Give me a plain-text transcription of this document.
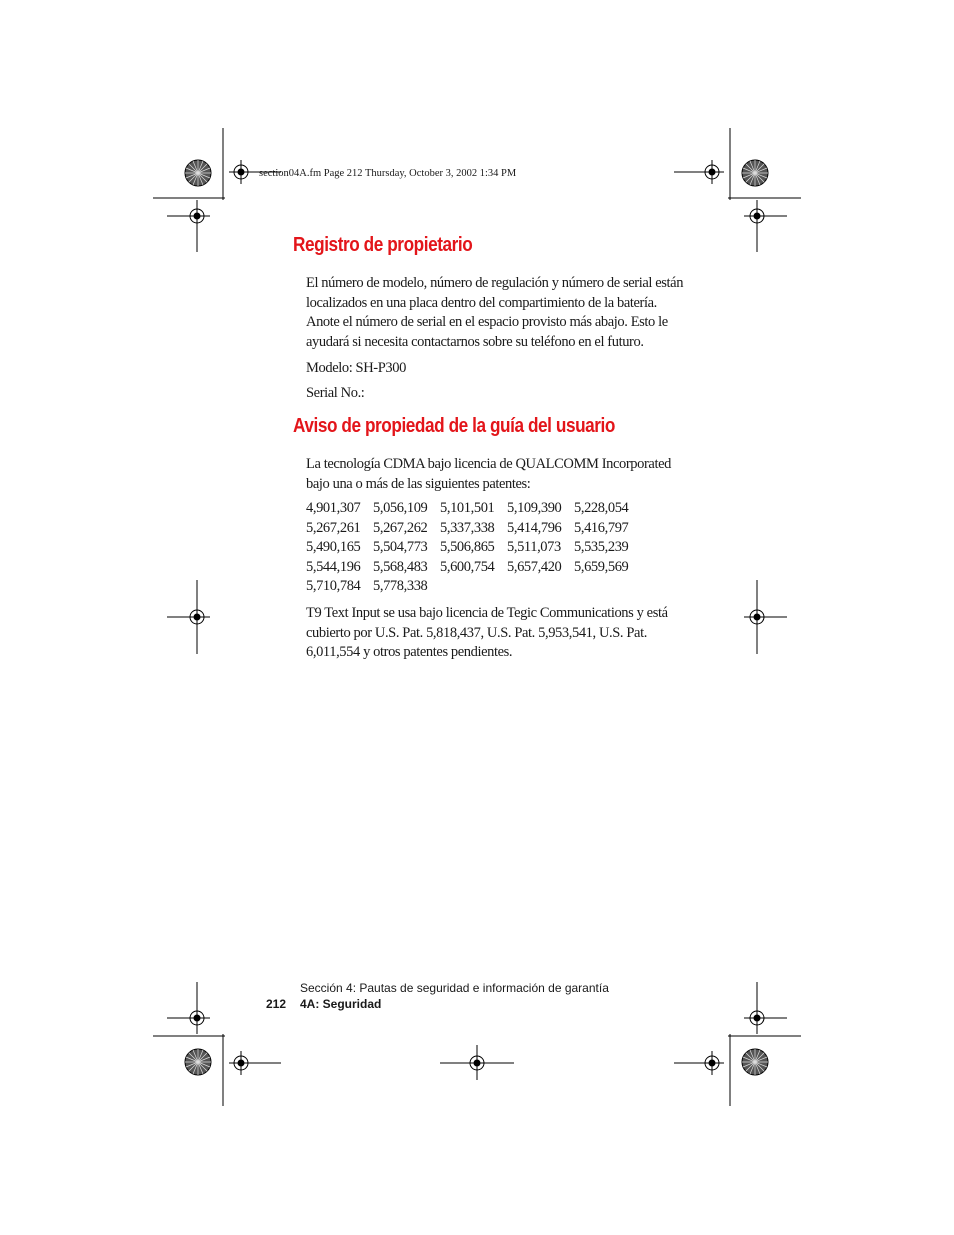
section04A.fm Page 212 Thursday, October 3, 2002 1:34 PM
Registro de propietario

El número de modelo, número de regulación y número de serial están localizados en una placa dentro del compartimiento de la batería. Anote el número de serial en el espacio provisto más abajo. Esto le ayudará si necesita contactarnos sobre su teléfono en el futuro.

Modelo: SH-P300

Serial No.:

Aviso de propiedad de la guía del usuario

La tecnología CDMA bajo licencia de QUALCOMM Incorporated bajo una o más de las siguientes patentes:

4,901,307 5,056,109 5,101,501 5,109,390 5,228,054
5,267,261 5,267,262 5,337,338 5,414,796 5,416,797
5,490,165 5,504,773 5,506,865 5,511,073 5,535,239
5,544,196 5,568,483 5,600,754 5,657,420 5,659,569
5,710,784 5,778,338

T9 Text Input se usa bajo licencia de Tegic Communications y está cubierto por U.S. Pat. 5,818,437, U.S. Pat. 5,953,541, U.S. Pat. 6,011,554 y otros patentes pendientes.

Sección 4: Pautas de seguridad e información de garantía
212 4A: Seguridad
